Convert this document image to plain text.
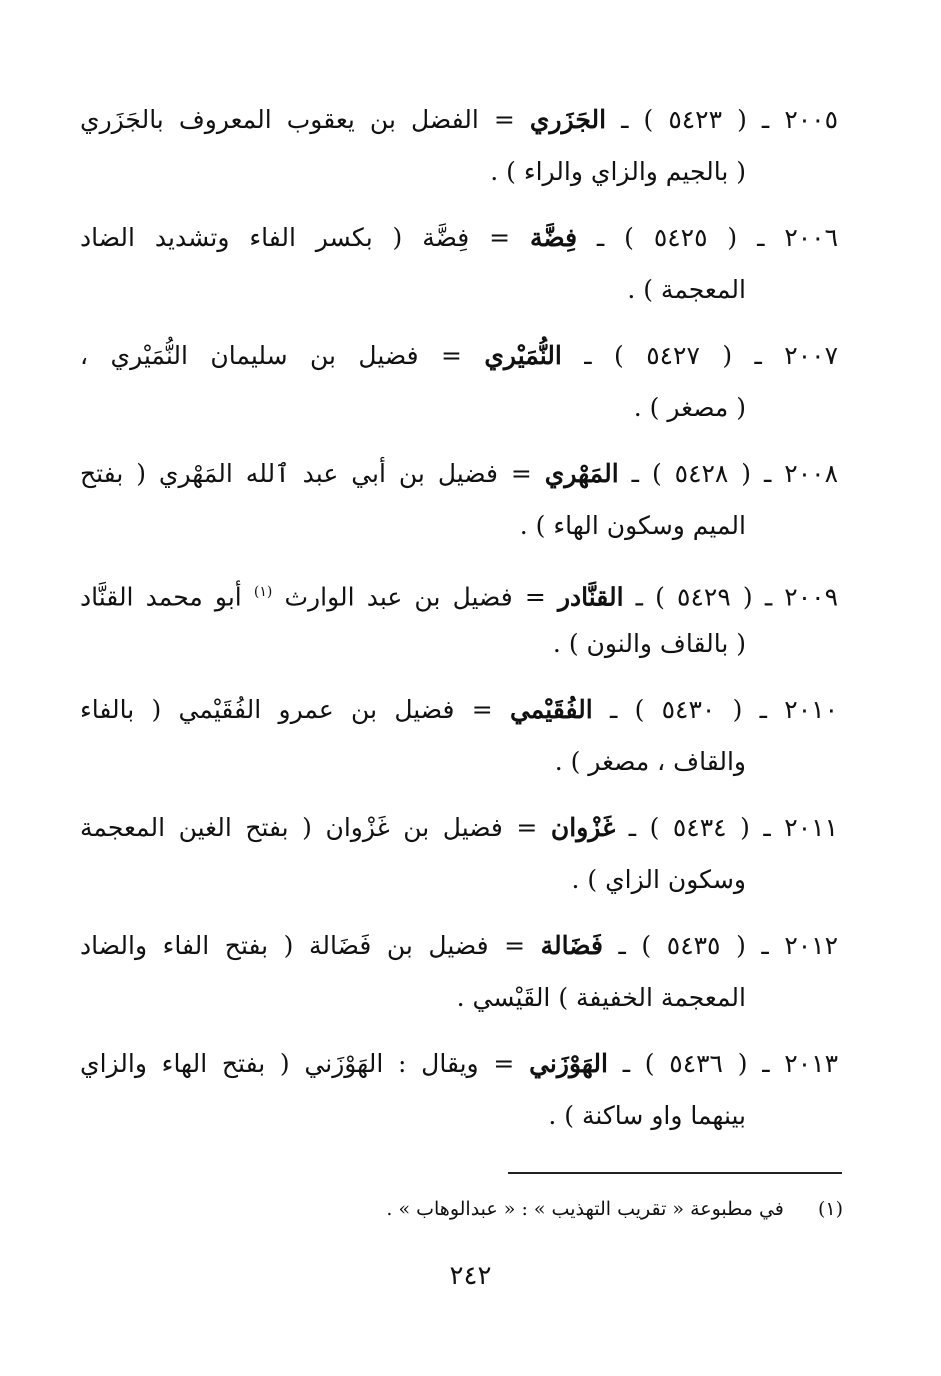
٢٠٠٥ ـ ( ٥٤٢٣ ) ـ الجَزَري = الفضل بن يعقوب المعروف بالجَزَري
( بالجيم والزاي والراء ) .
٢٠٠٦ ـ ( ٥٤٢٥ ) ـ فِضَّة = فِضَّة ( بكسر الفاء وتشديد الضاد
المعجمة ) .
٢٠٠٧ ـ ( ٥٤٢٧ ) ـ النُّمَيْري = فضيل بن سليمان النُّمَيْري ،
( مصغر ) .
٢٠٠٨ ـ ( ٥٤٢٨ ) ـ المَهْري = فضيل بن أبي عبد ٱلله المَهْري ( بفتح
الميم وسكون الهاء ) .
٢٠٠٩ ـ ( ٥٤٢٩ ) ـ القنَّادر = فضيل بن عبد الوارث $^{(١)}$ أبو محمد القنَّاد
( بالقاف والنون ) .
٢٠١٠ ـ ( ٥٤٣٠ ) ـ الفُقَيْمي = فضيل بن عمرو الفُقَيْمي ( بالفاء
والقاف ، مصغر ) .
٢٠١١ ـ ( ٥٤٣٤ ) ـ غَزْوان = فضيل بن غَزْوان ( بفتح الغين المعجمة
وسكون الزاي ) .
٢٠١٢ ـ ( ٥٤٣٥ ) ـ فَضَالة = فضيل بن فَضَالة ( بفتح الفاء والضاد
المعجمة الخفيفة ) القَيْسي .
٢٠١٣ ـ ( ٥٤٣٦ ) ـ الهَوْزَني = ويقال : الهَوْزَني ( بفتح الهاء والزاي
بينهما واو ساكنة ) .
(١) في مطبوعة « تقريب التهذيب » : « عبدالوهاب » .
٢٤٢
